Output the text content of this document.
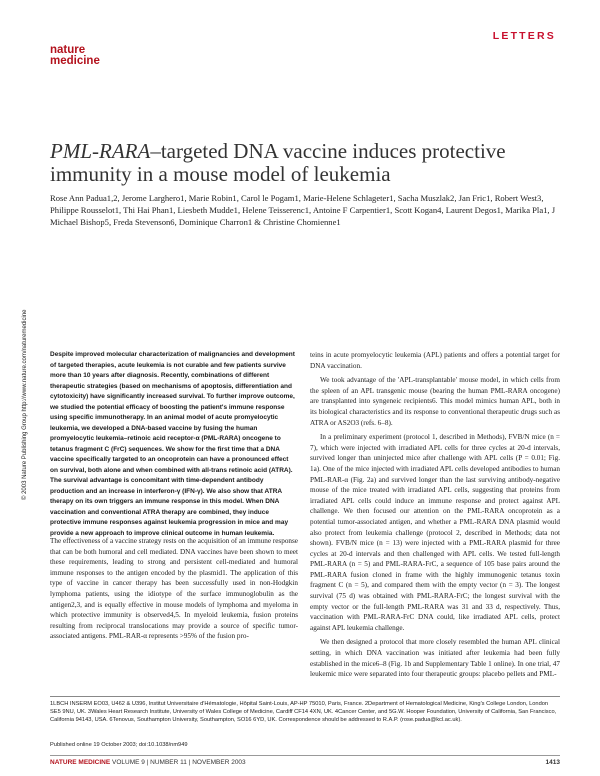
LETTERS
nature
medicine
© 2003 Nature Publishing Group http://www.nature.com/naturemedicine
PML-RARA–targeted DNA vaccine induces protective immunity in a mouse model of leukemia
Rose Ann Padua1,2, Jerome Larghero1, Marie Robin1, Carol le Pogam1, Marie-Helene Schlageter1, Sacha Muszlak2, Jan Fric1, Robert West3, Philippe Rousselot1, Thi Hai Phan1, Liesbeth Mudde1, Helene Teisserenc1, Antoine F Carpentier1, Scott Kogan4, Laurent Degos1, Marika Pla1, J Michael Bishop5, Freda Stevenson6, Dominique Charron1 & Christine Chomienne1
Despite improved molecular characterization of malignancies and development of targeted therapies, acute leukemia is not curable and few patients survive more than 10 years after diagnosis. Recently, combinations of different therapeutic strategies (based on mechanisms of apoptosis, differentiation and cytotoxicity) have significantly increased survival. To further improve outcome, we studied the potential efficacy of boosting the patient's immune response using specific immunotherapy. In an animal model of acute promyelocytic leukemia, we developed a DNA-based vaccine by fusing the human promyelocytic leukemia–retinoic acid receptor-α (PML-RARA) oncogene to tetanus fragment C (FrC) sequences. We show for the first time that a DNA vaccine specifically targeted to an oncoprotein can have a pronounced effect on survival, both alone and when combined with all-trans retinoic acid (ATRA). The survival advantage is concomitant with time-dependent antibody production and an increase in interferon-γ (IFN-γ). We also show that ATRA therapy on its own triggers an immune response in this model. When DNA vaccination and conventional ATRA therapy are combined, they induce protective immune responses against leukemia progression in mice and may provide a new approach to improve clinical outcome in human leukemia.
The effectiveness of a vaccine strategy rests on the acquisition of an immune response that can be both humoral and cell mediated. DNA vaccines have been shown to meet these requirements, leading to strong and persistent cell-mediated and humoral immune responses to the antigen encoded by the plasmid1. The application of this type of vaccine in cancer therapy has been successfully used in non-Hodgkin lymphoma patients, using the idiotype of the surface immunoglobulin as the antigen2,3, and is equally effective in mouse models of lymphoma and myeloma in which protective immunity is observed4,5. In myeloid leukemia, fusion proteins resulting from reciprocal translocations may provide a source of specific tumor-associated antigens. PML-RAR-α represents >95% of the fusion pro-

teins in acute promyelocytic leukemia (APL) patients and offers a potential target for DNA vaccination.

We took advantage of the 'APL-transplantable' mouse model, in which cells from the spleen of an APL transgenic mouse (bearing the human PML-RARA oncogene) are transplanted into syngeneic recipients6. This model mimics human APL, both in its biological characteristics and its response to conventional therapeutic drugs such as ATRA or AS2O3 (refs. 6–8).

In a preliminary experiment (protocol 1, described in Methods), FVB/N mice (n = 7), which were injected with irradiated APL cells for three cycles at 20-d intervals, survived longer than uninjected mice after challenge with APL cells (P = 0.01; Fig. 1a). One of the mice injected with irradiated APL cells developed antibodies to human PML-RAR-α (Fig. 2a) and survived longer than the last surviving antibody-negative mouse of the mice treated with irradiated APL cells, suggesting that proteins from irradiated APL cells could induce an immune response and protect against APL challenge. We then focused our attention on the PML-RARA oncoprotein as a potential tumor-associated antigen, and whether a PML-RARA DNA plasmid would also protect from leukemia challenge (protocol 2, described in Methods; data not shown). FVB/N mice (n = 13) were injected with a PML-RARA plasmid for three cycles at 20-d intervals and then challenged with APL cells. We tested full-length PML-RARA (n = 5) and PML-RARA-FrC, a sequence of 105 base pairs around the PML-RARA fusion cloned in frame with the highly immunogenic tetanus toxin fragment C (n = 5), and compared them with the empty vector (n = 3). The longest survival (75 d) was obtained with PML-RARA-FrC; the longest survival with the empty vector or the full-length PML-RARA was 31 and 33 d, respectively. Thus, vaccination with PML-RARA-FrC DNA could, like irradiated APL cells, protect against APL leukemia challenge.

We then designed a protocol that more closely resembled the human APL clinical setting, in which DNA vaccination was initiated after leukemia had been fully established in the mice6–8 (Fig. 1b and Supplementary Table 1 online). In one trial, 47 leukemic mice were separated into four therapeutic groups: placebo pellets and PML-

1LBCH INSERM EO03, U462 & U396, Institut Universitaire d'Hématologie, Hôpital Saint-Louis, AP-HP 75010, Paris, France. 2Department of Hematological Medicine, King's College London, London SE5 9NU, UK. 3Wales Heart Research Institute, University of Wales College of Medicine, Cardiff CF14 4XN, UK. 4Cancer Center, and 5G.W. Hooper Foundation, University of California, San Francisco, California 94143, USA. 6Tenovus, Southampton University, Southampton, SO16 6YD, UK. Correspondence should be addressed to R.A.P. (rose.padua@kcl.ac.uk).
Published online 19 October 2003; doi:10.1038/nm949
NATURE MEDICINE VOLUME 9 | NUMBER 11 | NOVEMBER 2003	1413
